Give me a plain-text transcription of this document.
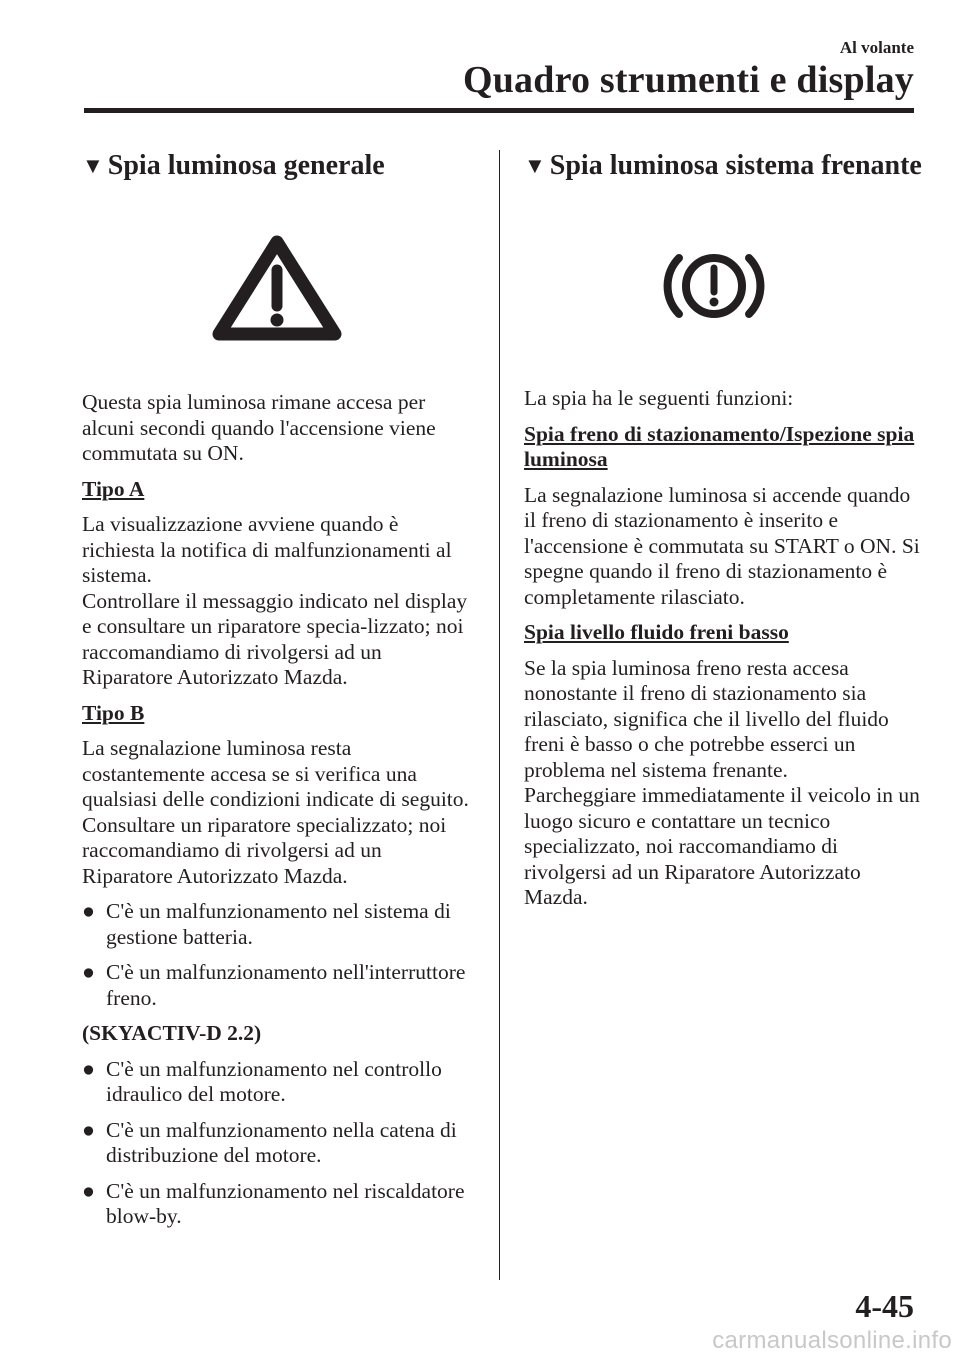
Al volante
Quadro strumenti e display
▼ Spia luminosa generale

Questa spia luminosa rimane accesa per alcuni secondi quando l'accensione viene commutata su ON.

Tipo A

La visualizzazione avviene quando è richiesta la notifica di malfunzionamenti al sistema.

Controllare il messaggio indicato nel display e consultare un riparatore specia-lizzato; noi raccomandiamo di rivolgersi ad un Riparatore Autorizzato Mazda.

Tipo B

La segnalazione luminosa resta costantemente accesa se si verifica una qualsiasi delle condizioni indicate di seguito. Consultare un riparatore specializzato; noi raccomandiamo di rivolgersi ad un Riparatore Autorizzato Mazda.

● C'è un malfunzionamento nel sistema di gestione batteria.
● C'è un malfunzionamento nell'interruttore freno.

(SKYACTIV-D 2.2)

● C'è un malfunzionamento nel controllo idraulico del motore.
● C'è un malfunzionamento nella catena di distribuzione del motore.
● C'è un malfunzionamento nel riscaldatore blow-by.
▼ Spia luminosa sistema frenante

La spia ha le seguenti funzioni:

Spia freno di stazionamento/Ispezione spia luminosa

La segnalazione luminosa si accende quando il freno di stazionamento è inserito e l'accensione è commutata su START o ON. Si spegne quando il freno di stazionamento è completamente rilasciato.

Spia livello fluido freni basso

Se la spia luminosa freno resta accesa nonostante il freno di stazionamento sia rilasciato, significa che il livello del fluido freni è basso o che potrebbe esserci un problema nel sistema frenante.

Parcheggiare immediatamente il veicolo in un luogo sicuro e contattare un tecnico specializzato, noi raccomandiamo di rivolgersi ad un Riparatore Autorizzato Mazda.

4-45
carmanualsonline.info
